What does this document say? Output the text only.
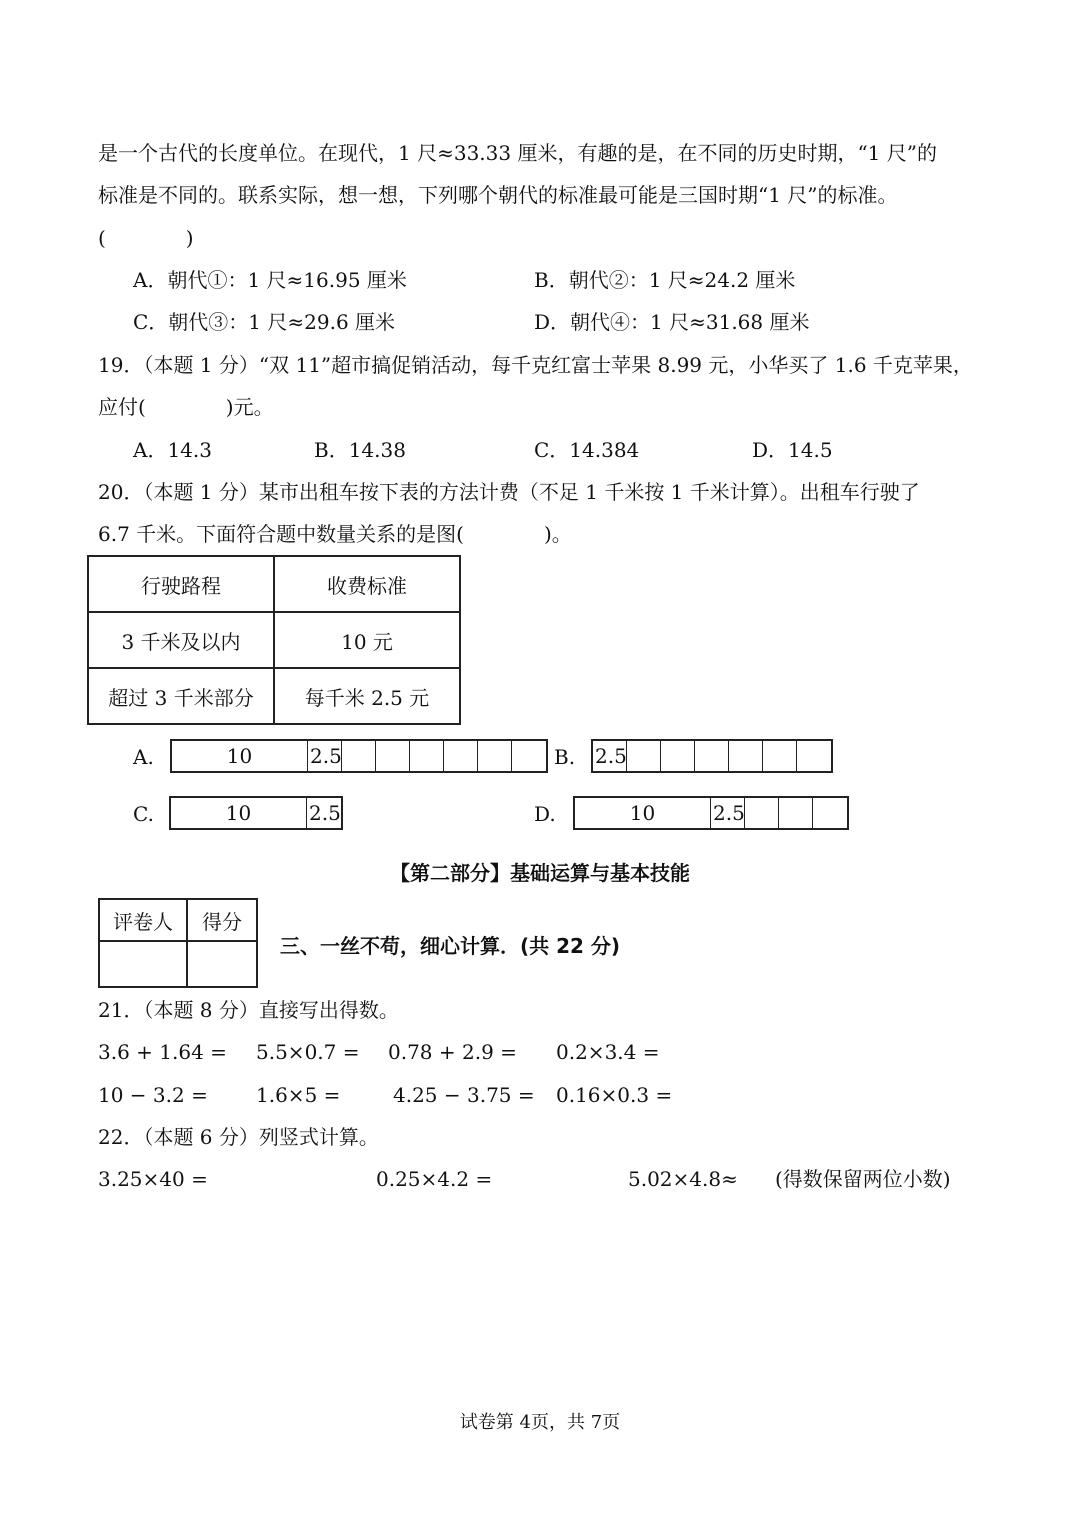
是一个古代的长度单位。在现代，1 尺≈33.33 厘米，有趣的是，在不同的历史时期，“1 尺”的
标准是不同的。联系实际，想一想，下列哪个朝代的标准最可能是三国时期“1 尺”的标准。
(　　　　)
A．朝代①：1 尺≈16.95 厘米	B．朝代②：1 尺≈24.2 厘米
C．朝代③：1 尺≈29.6 厘米	D．朝代④：1 尺≈31.68 厘米
19．（本题 1 分）“双 11”超市搞促销活动，每千克红富士苹果 8.99 元，小华买了 1.6 千克苹果，
应付(　　　　)元。
A．14.3	B．14.38	C．14.384	D．14.5
20．（本题 1 分）某市出租车按下表的方法计费（不足 1 千米按 1 千米计算）。出租车行驶了
6.7 千米。下面符合题中数量关系的是图(　　　　)。
行驶路程	收费标准
3 千米及以内	10 元
超过 3 千米部分	每千米 2.5 元
A.	10	2.5	B. 2.5
C.	10	2.5	D.	10	2.5
【第二部分】基础运算与基本技能
评卷人	得分

三、一丝不苟，细心计算．(共 22 分)
21．（本题 8 分）直接写出得数。
3.6 + 1.64 = 5.5×0.7 = 0.78 + 2.9 = 0.2×3.4 =
10 − 3.2 = 1.6×5 =	4.25 − 3.75 = 0.16×0.3 =
22．（本题 6 分）列竖式计算。
3.25×40 =	0.25×4.2 =	5.02×4.8≈ (得数保留两位小数)
试卷第 4页，共 7页
